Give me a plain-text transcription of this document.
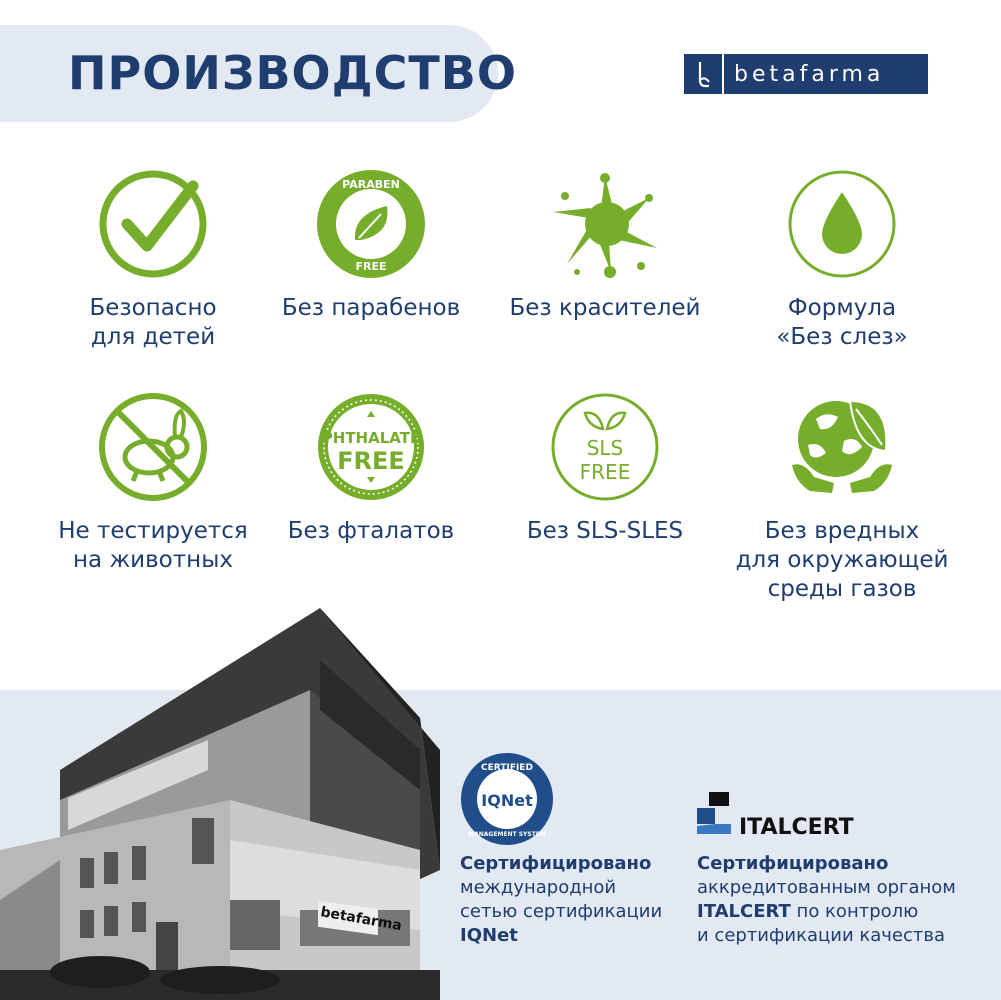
ПРОИЗВОДСТВО	betafarma
Безопасно
для детей
PARABEN
FREE
Без парабенов	Без красителей	Формула
«Без слез»
Не тестируется
на животных
PHTHALATE
FREE
Без фталатов
SLS
FREE
Без SLS-SLES	Без вредных
для окружающей
среды газов
betafarma
CERTIFIED
IQNet
MANAGEMENT SYSTEM
Сертифицировано
международной
сетью сертификации
IQNet
ITALCERT
Сертифицировано
аккредитованным органом
ITALCERT по контролю
и сертификации качества
